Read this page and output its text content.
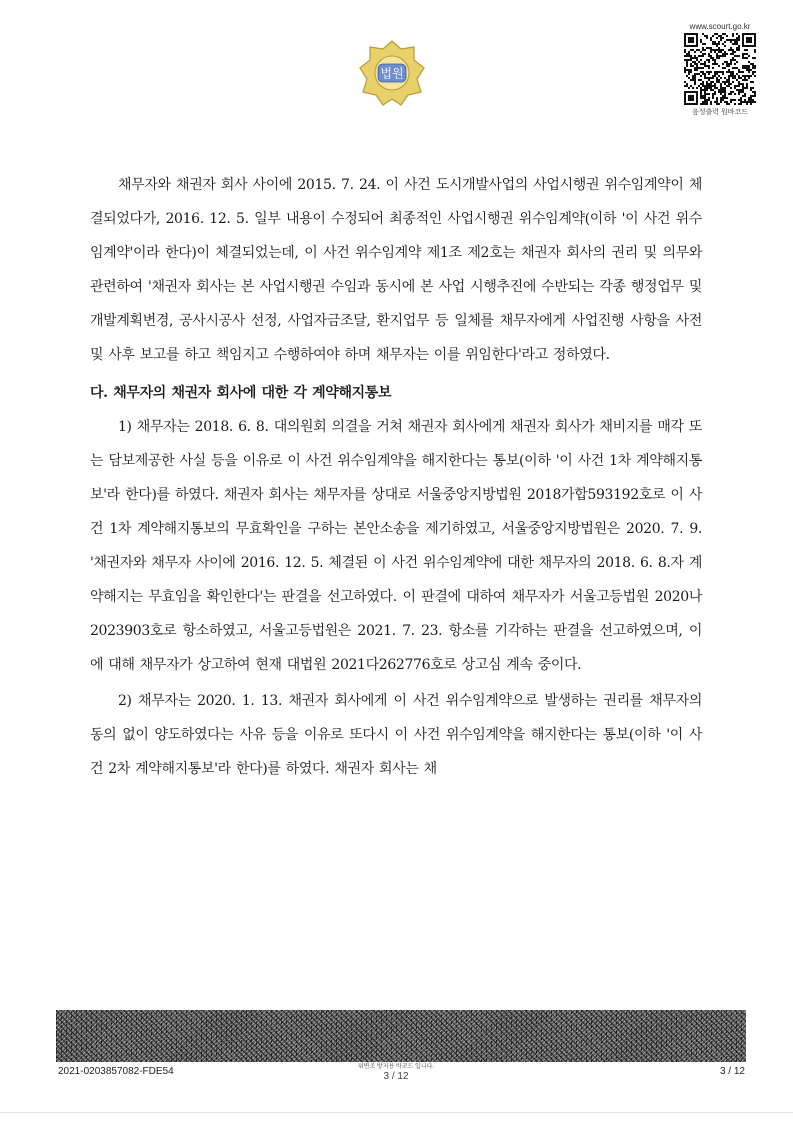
법원
www.scourt.go.kr
음성출력 원바코드

채무자와 채권자 회사 사이에 2015. 7. 24. 이 사건 도시개발사업의 사업시행권 위수임계약이 체결되었다가, 2016. 12. 5. 일부 내용이 수정되어 최종적인 사업시행권 위수임계약(이하 '이 사건 위수임계약'이라 한다)이 체결되었는데, 이 사건 위수임계약 제1조 제2호는 채권자 회사의 권리 및 의무와 관련하여 '채권자 회사는 본 사업시행권 수임과 동시에 본 사업 시행추진에 수반되는 각종 행정업무 및 개발계획변경, 공사시공사 선정, 사업자금조달, 환지업무 등 일체를 채무자에게 사업진행 사항을 사전 및 사후 보고를 하고 책임지고 수행하여야 하며 채무자는 이를 위임한다'라고 정하였다.

다. 채무자의 채권자 회사에 대한 각 계약해지통보

1) 채무자는 2018. 6. 8. 대의원회 의결을 거쳐 채권자 회사에게 채권자 회사가 채비지를 매각 또는 담보제공한 사실 등을 이유로 이 사건 위수임계약을 해지한다는 통보(이하 '이 사건 1차 계약해지통보'라 한다)를 하였다. 채권자 회사는 채무자를 상대로 서울중앙지방법원 2018가합593192호로 이 사건 1차 계약해지통보의 무효확인을 구하는 본안소송을 제기하였고, 서울중앙지방법원은 2020. 7. 9. '채권자와 채무자 사이에 2016. 12. 5. 체결된 이 사건 위수임계약에 대한 채무자의 2018. 6. 8.자 계약해지는 무효임을 확인한다'는 판결을 선고하였다. 이 판결에 대하여 채무자가 서울고등법원 2020나2023903호로 항소하였고, 서울고등법원은 2021. 7. 23. 항소를 기각하는 판결을 선고하였으며, 이에 대해 채무자가 상고하여 현재 대법원 2021다262776호로 상고심 계속 중이다.

2) 채무자는 2020. 1. 13. 채권자 회사에게 이 사건 위수임계약으로 발생하는 권리를 채무자의 동의 없이 양도하였다는 사유 등을 이유로 또다시 이 사건 위수임계약을 해지한다는 통보(이하 '이 사건 2차 계약해지통보'라 한다)를 하였다. 채권자 회사는 채

2021-0203857082-FDE54	위변조 방지용 바코드 입니다.
3 / 12	3 / 12
